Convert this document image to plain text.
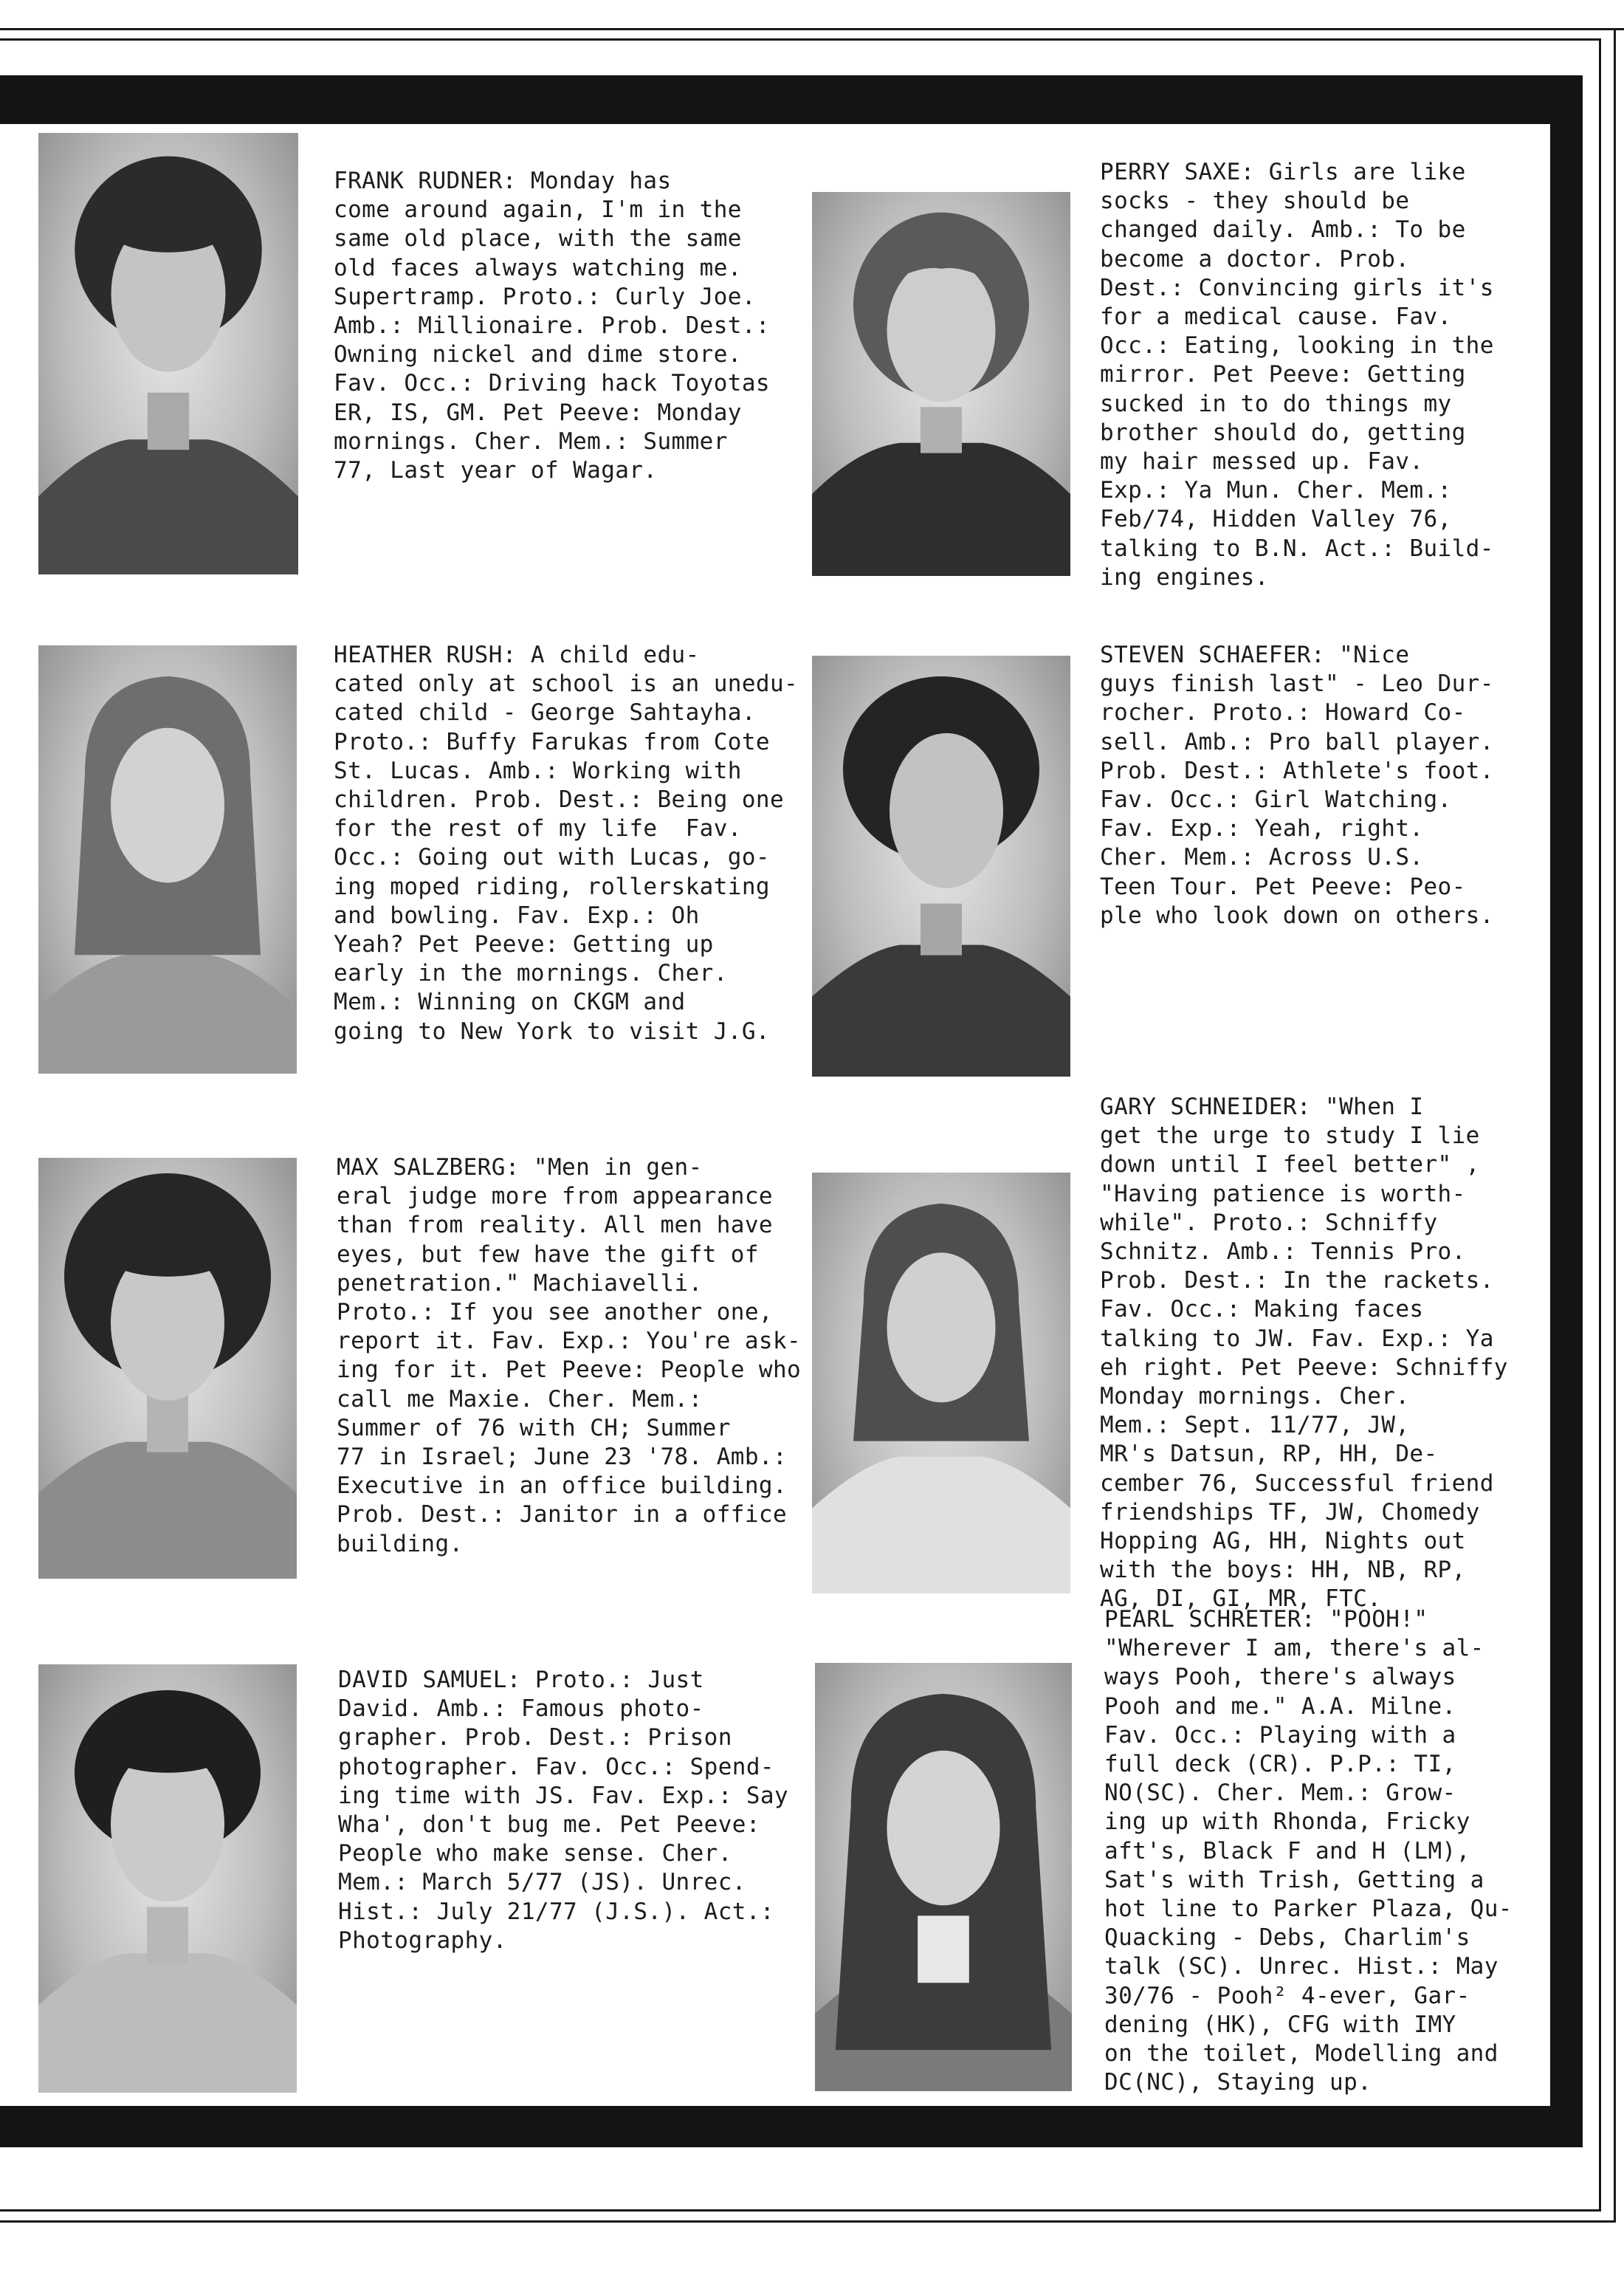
FRANK RUDNER: Monday has
come around again, I'm in the
same old place, with the same
old faces always watching me.
Supertramp. Proto.: Curly Joe.
Amb.: Millionaire. Prob. Dest.:
Owning nickel and dime store.
Fav. Occ.: Driving hack Toyotas
ER, IS, GM. Pet Peeve: Monday
mornings. Cher. Mem.: Summer
77, Last year of Wagar.
PERRY SAXE: Girls are like
socks - they should be
changed daily. Amb.: To be
become a doctor. Prob.
Dest.: Convincing girls it's
for a medical cause. Fav.
Occ.: Eating, looking in the
mirror. Pet Peeve: Getting
sucked in to do things my
brother should do, getting
my hair messed up. Fav.
Exp.: Ya Mun. Cher. Mem.:
Feb/74, Hidden Valley 76,
talking to B.N. Act.: Build-
ing engines.
HEATHER RUSH: A child edu-
cated only at school is an unedu-
cated child - George Sahtayha.
Proto.: Buffy Farukas from Cote
St. Lucas. Amb.: Working with
children. Prob. Dest.: Being one
for the rest of my life  Fav.
Occ.: Going out with Lucas, go-
ing moped riding, rollerskating
and bowling. Fav. Exp.: Oh
Yeah? Pet Peeve: Getting up
early in the mornings. Cher.
Mem.: Winning on CKGM and
going to New York to visit J.G.
STEVEN SCHAEFER: "Nice
guys finish last" - Leo Dur-
rocher. Proto.: Howard Co-
sell. Amb.: Pro ball player.
Prob. Dest.: Athlete's foot.
Fav. Occ.: Girl Watching.
Fav. Exp.: Yeah, right.
Cher. Mem.: Across U.S.
Teen Tour. Pet Peeve: Peo-
ple who look down on others.
MAX SALZBERG: "Men in gen-
eral judge more from appearance
than from reality. All men have
eyes, but few have the gift of
penetration." Machiavelli.
Proto.: If you see another one,
report it. Fav. Exp.: You're ask-
ing for it. Pet Peeve: People who
call me Maxie. Cher. Mem.:
Summer of 76 with CH; Summer
77 in Israel; June 23 '78. Amb.:
Executive in an office building.
Prob. Dest.: Janitor in a office
building.
GARY SCHNEIDER: "When I
get the urge to study I lie
down until I feel better" ,
"Having patience is worth-
while". Proto.: Schniffy
Schnitz. Amb.: Tennis Pro.
Prob. Dest.: In the rackets.
Fav. Occ.: Making faces
talking to JW. Fav. Exp.: Ya
eh right. Pet Peeve: Schniffy
Monday mornings. Cher.
Mem.: Sept. 11/77, JW,
MR's Datsun, RP, HH, De-
cember 76, Successful friend
friendships TF, JW, Chomedy
Hopping AG, HH, Nights out
with the boys: HH, NB, RP,
AG, DI, GI, MR, FTC.
DAVID SAMUEL: Proto.: Just
David. Amb.: Famous photo-
grapher. Prob. Dest.: Prison
photographer. Fav. Occ.: Spend-
ing time with JS. Fav. Exp.: Say
Wha', don't bug me. Pet Peeve:
People who make sense. Cher.
Mem.: March 5/77 (JS). Unrec.
Hist.: July 21/77 (J.S.). Act.:
Photography.
PEARL SCHRETER: "POOH!"
"Wherever I am, there's al-
ways Pooh, there's always
Pooh and me." A.A. Milne.
Fav. Occ.: Playing with a
full deck (CR). P.P.: TI,
NO(SC). Cher. Mem.: Grow-
ing up with Rhonda, Fricky
aft's, Black F and H (LM),
Sat's with Trish, Getting a
hot line to Parker Plaza, Qu-
Quacking - Debs, Charlim's
talk (SC). Unrec. Hist.: May
30/76 - Pooh² 4-ever, Gar-
dening (HK), CFG with IMY
on the toilet, Modelling and
DC(NC), Staying up.
